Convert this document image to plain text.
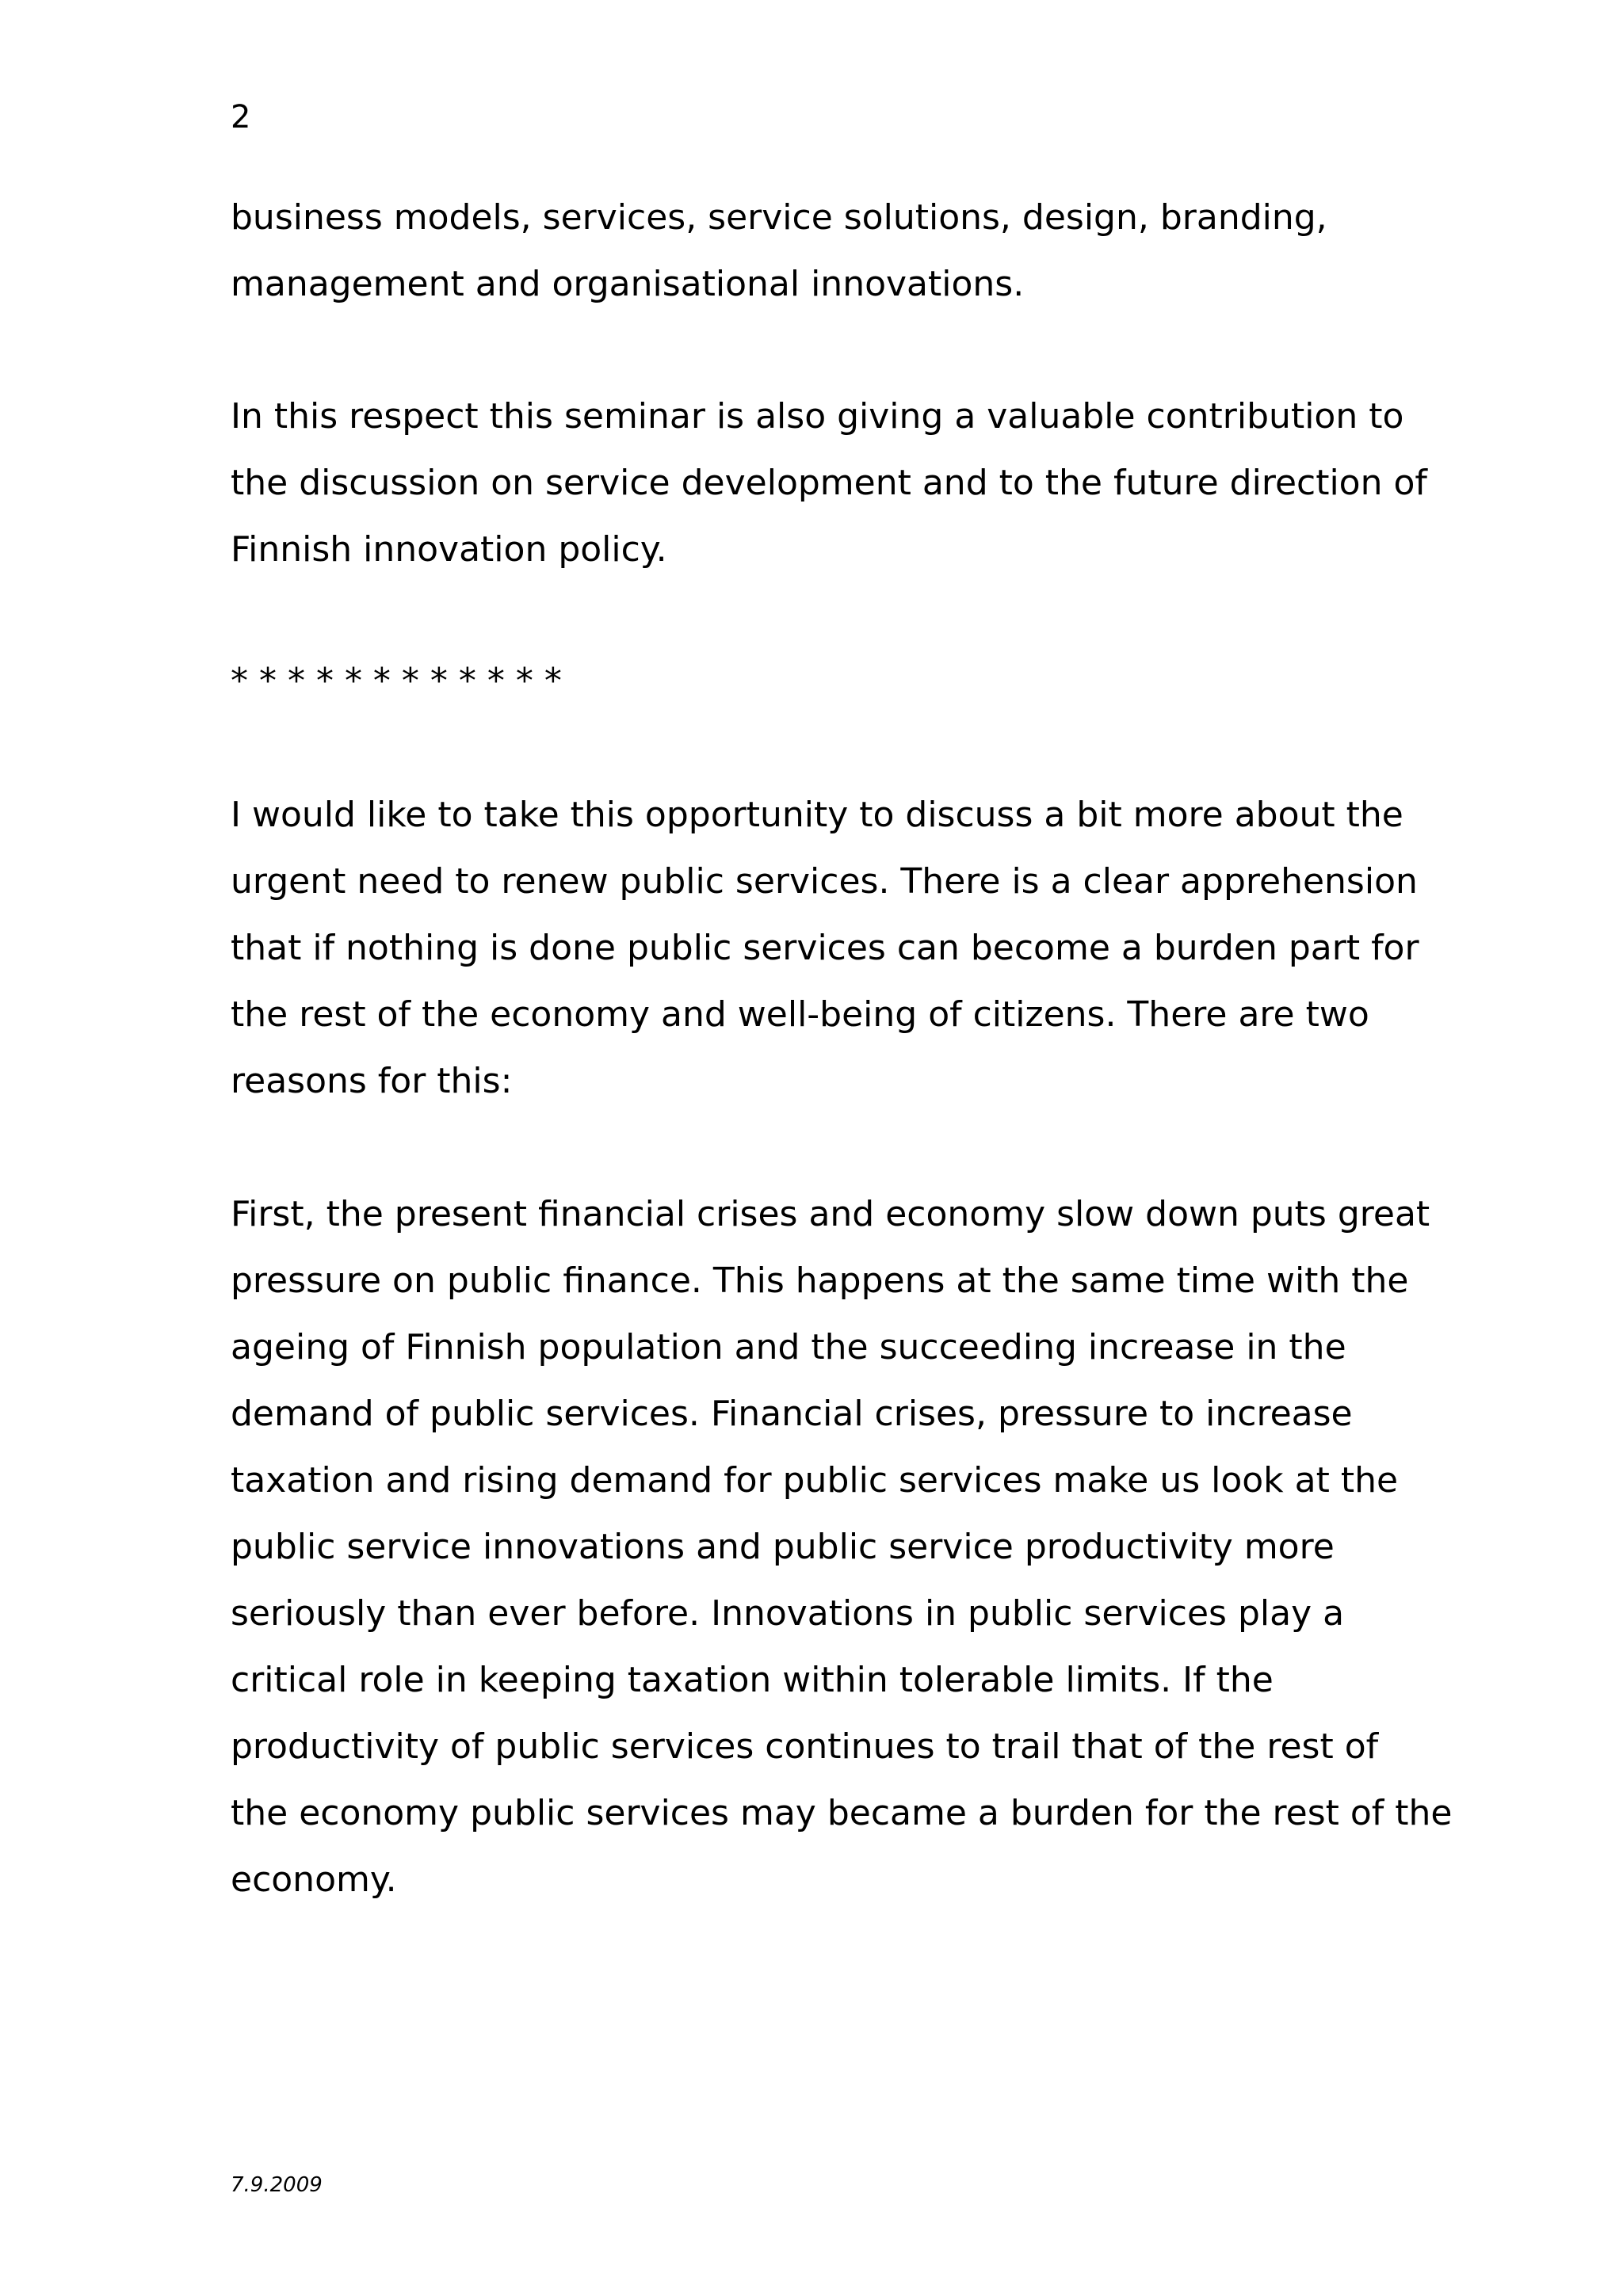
2

business models, services, service solutions, design, branding,
management and organisational innovations.

In this respect this seminar is also giving a valuable contribution to
the discussion on service development and to the future direction of
Finnish innovation policy.

* * * * * * * * * * * *

I would like to take this opportunity to discuss a bit more about the
urgent need to renew public services. There is a clear apprehension
that if nothing is done public services can become a burden part for
the rest of the economy and well-being of citizens. There are two
reasons for this:

First, the present financial crises and economy slow down puts great
pressure on public finance. This happens at the same time with the
ageing of Finnish population and the succeeding increase in the
demand of public services. Financial crises, pressure to increase
taxation and rising demand for public services make us look at the
public service innovations and public service productivity more
seriously than ever before. Innovations in public services play a
critical role in keeping taxation within tolerable limits. If the
productivity of public services continues to trail that of the rest of
the economy public services may became a burden for the rest of the
economy.

7.9.2009
